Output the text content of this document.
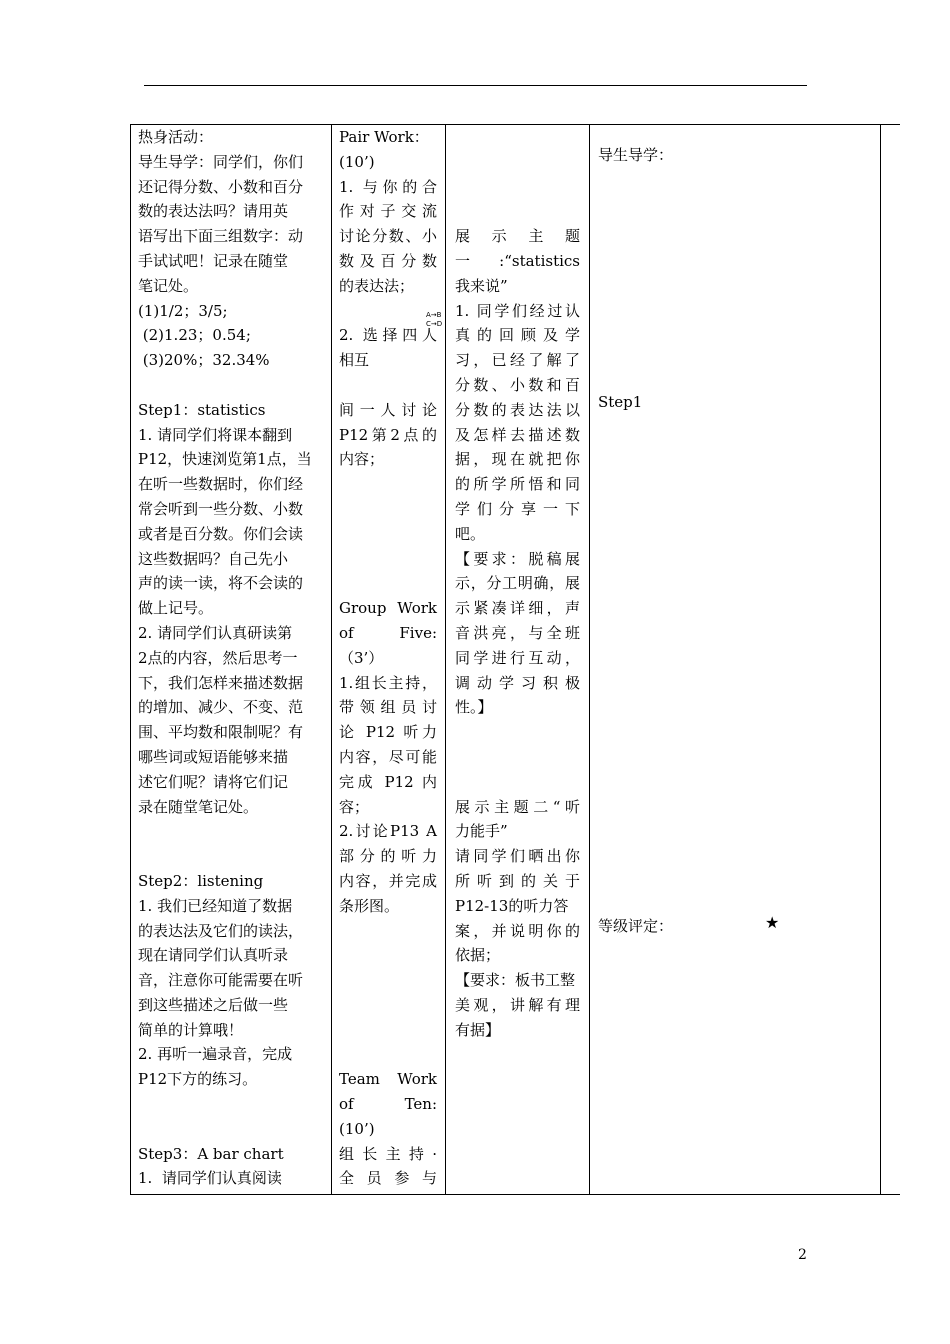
热身活动：
导生导学：同学们，你们
还记得分数、小数和百分
数的表达法吗？请用英
语写出下面三组数字：动
手试试吧！记录在随堂
笔记处。
(1)1/2；3/5;
(2)1.23；0.54;
(3)20%；32.34%
Step1：statistics
1. 请同学们将课本翻到
P12，快速浏览第1点，当
在听一些数据时，你们经
常会听到一些分数、小数
或者是百分数。你们会读
这些数据吗？自己先小
声的读一读，将不会读的
做上记号。
2. 请同学们认真研读第
2点的内容，然后思考一
下，我们怎样来描述数据
的增加、减少、不变、范
围、平均数和限制呢？有
哪些词或短语能够来描
述它们呢？请将它们记
录在随堂笔记处。
Step2：listening
1. 我们已经知道了数据
的表达法及它们的读法，
现在请同学们认真听录
音，注意你可能需要在听
到这些描述之后做一些
简单的计算哦！
2. 再听一遍录音，完成
P12下方的练习。
Step3：A bar chart
1.  请同学们认真阅读
Pair Work：
(10’)
1. 与你的合
作对子交流
讨论分数、小
数及百分数
的表达法；
2. 选择四人
相互
间一人讨论
P12第2点的
内容；
Group  Work
of    Five:
（3’）
1.组长主持，
带领组员讨
论 P12 听力
内容，尽可能
完成 P12 内
容；
2.讨论P13 A
部分的听力
内容，并完成
条形图。
Team   Work
of     Ten:
(10’)
组长主持·
全员参与
展  示  主  题
一:“statistics
我来说”
1. 同学们经过认
真的回顾及学
习，已经了解了
分数、小数和百
分数的表达法以
及怎样去描述数
据，现在就把你
的所学所悟和同
学们分享一下
吧。
【要求：脱稿展
示，分工明确，展
示紧凑详细，声
音洪亮，与全班
同学进行互动，
调动学习积极
性。】
展示主题二“听
力能手”
请同学们晒出你
所听到的关于
P12-13的听力答
案，并说明你的
依据；
【要求：板书工整
美观，讲解有理
有据】
A→B
C→D
导生导学：
Step1
等级评定：	★
2
